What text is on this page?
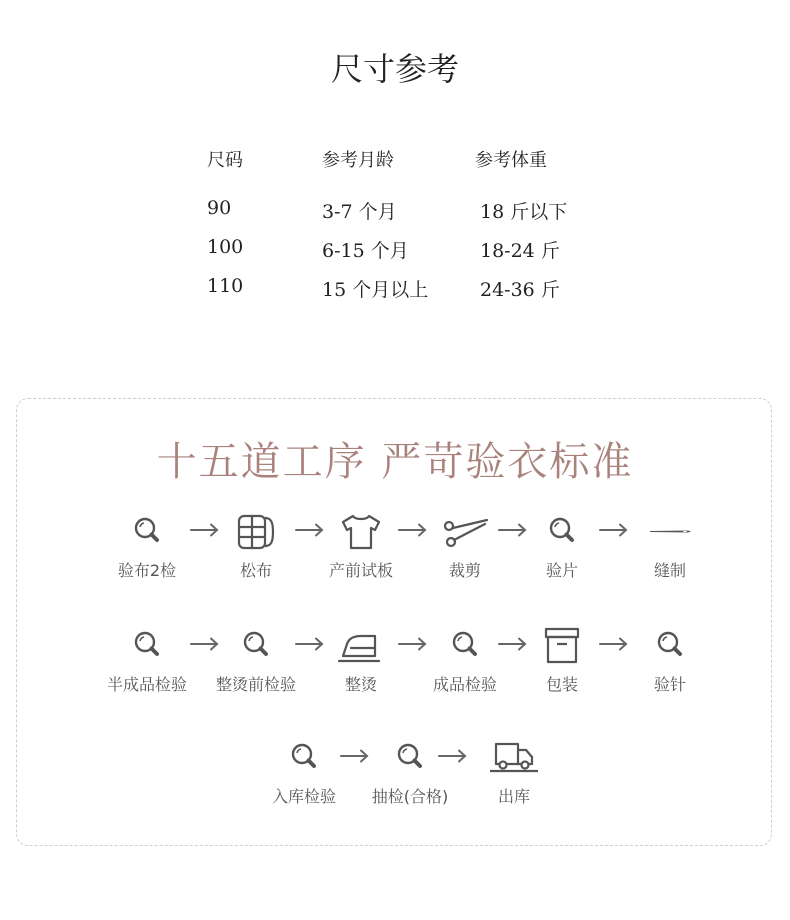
尺寸参考
尺码	参考月龄	参考体重
90	3-7 个月	18 斤以下
100	6-15 个月	18-24 斤
110	15 个月以上	24-36 斤
十五道工序 严苛验衣标准
验布2检	松布	产前试板	裁剪	验片	缝制
半成品检验	整烫前检验	整烫	成品检验	包装	验针
入库检验	抽检(合格)	出库
